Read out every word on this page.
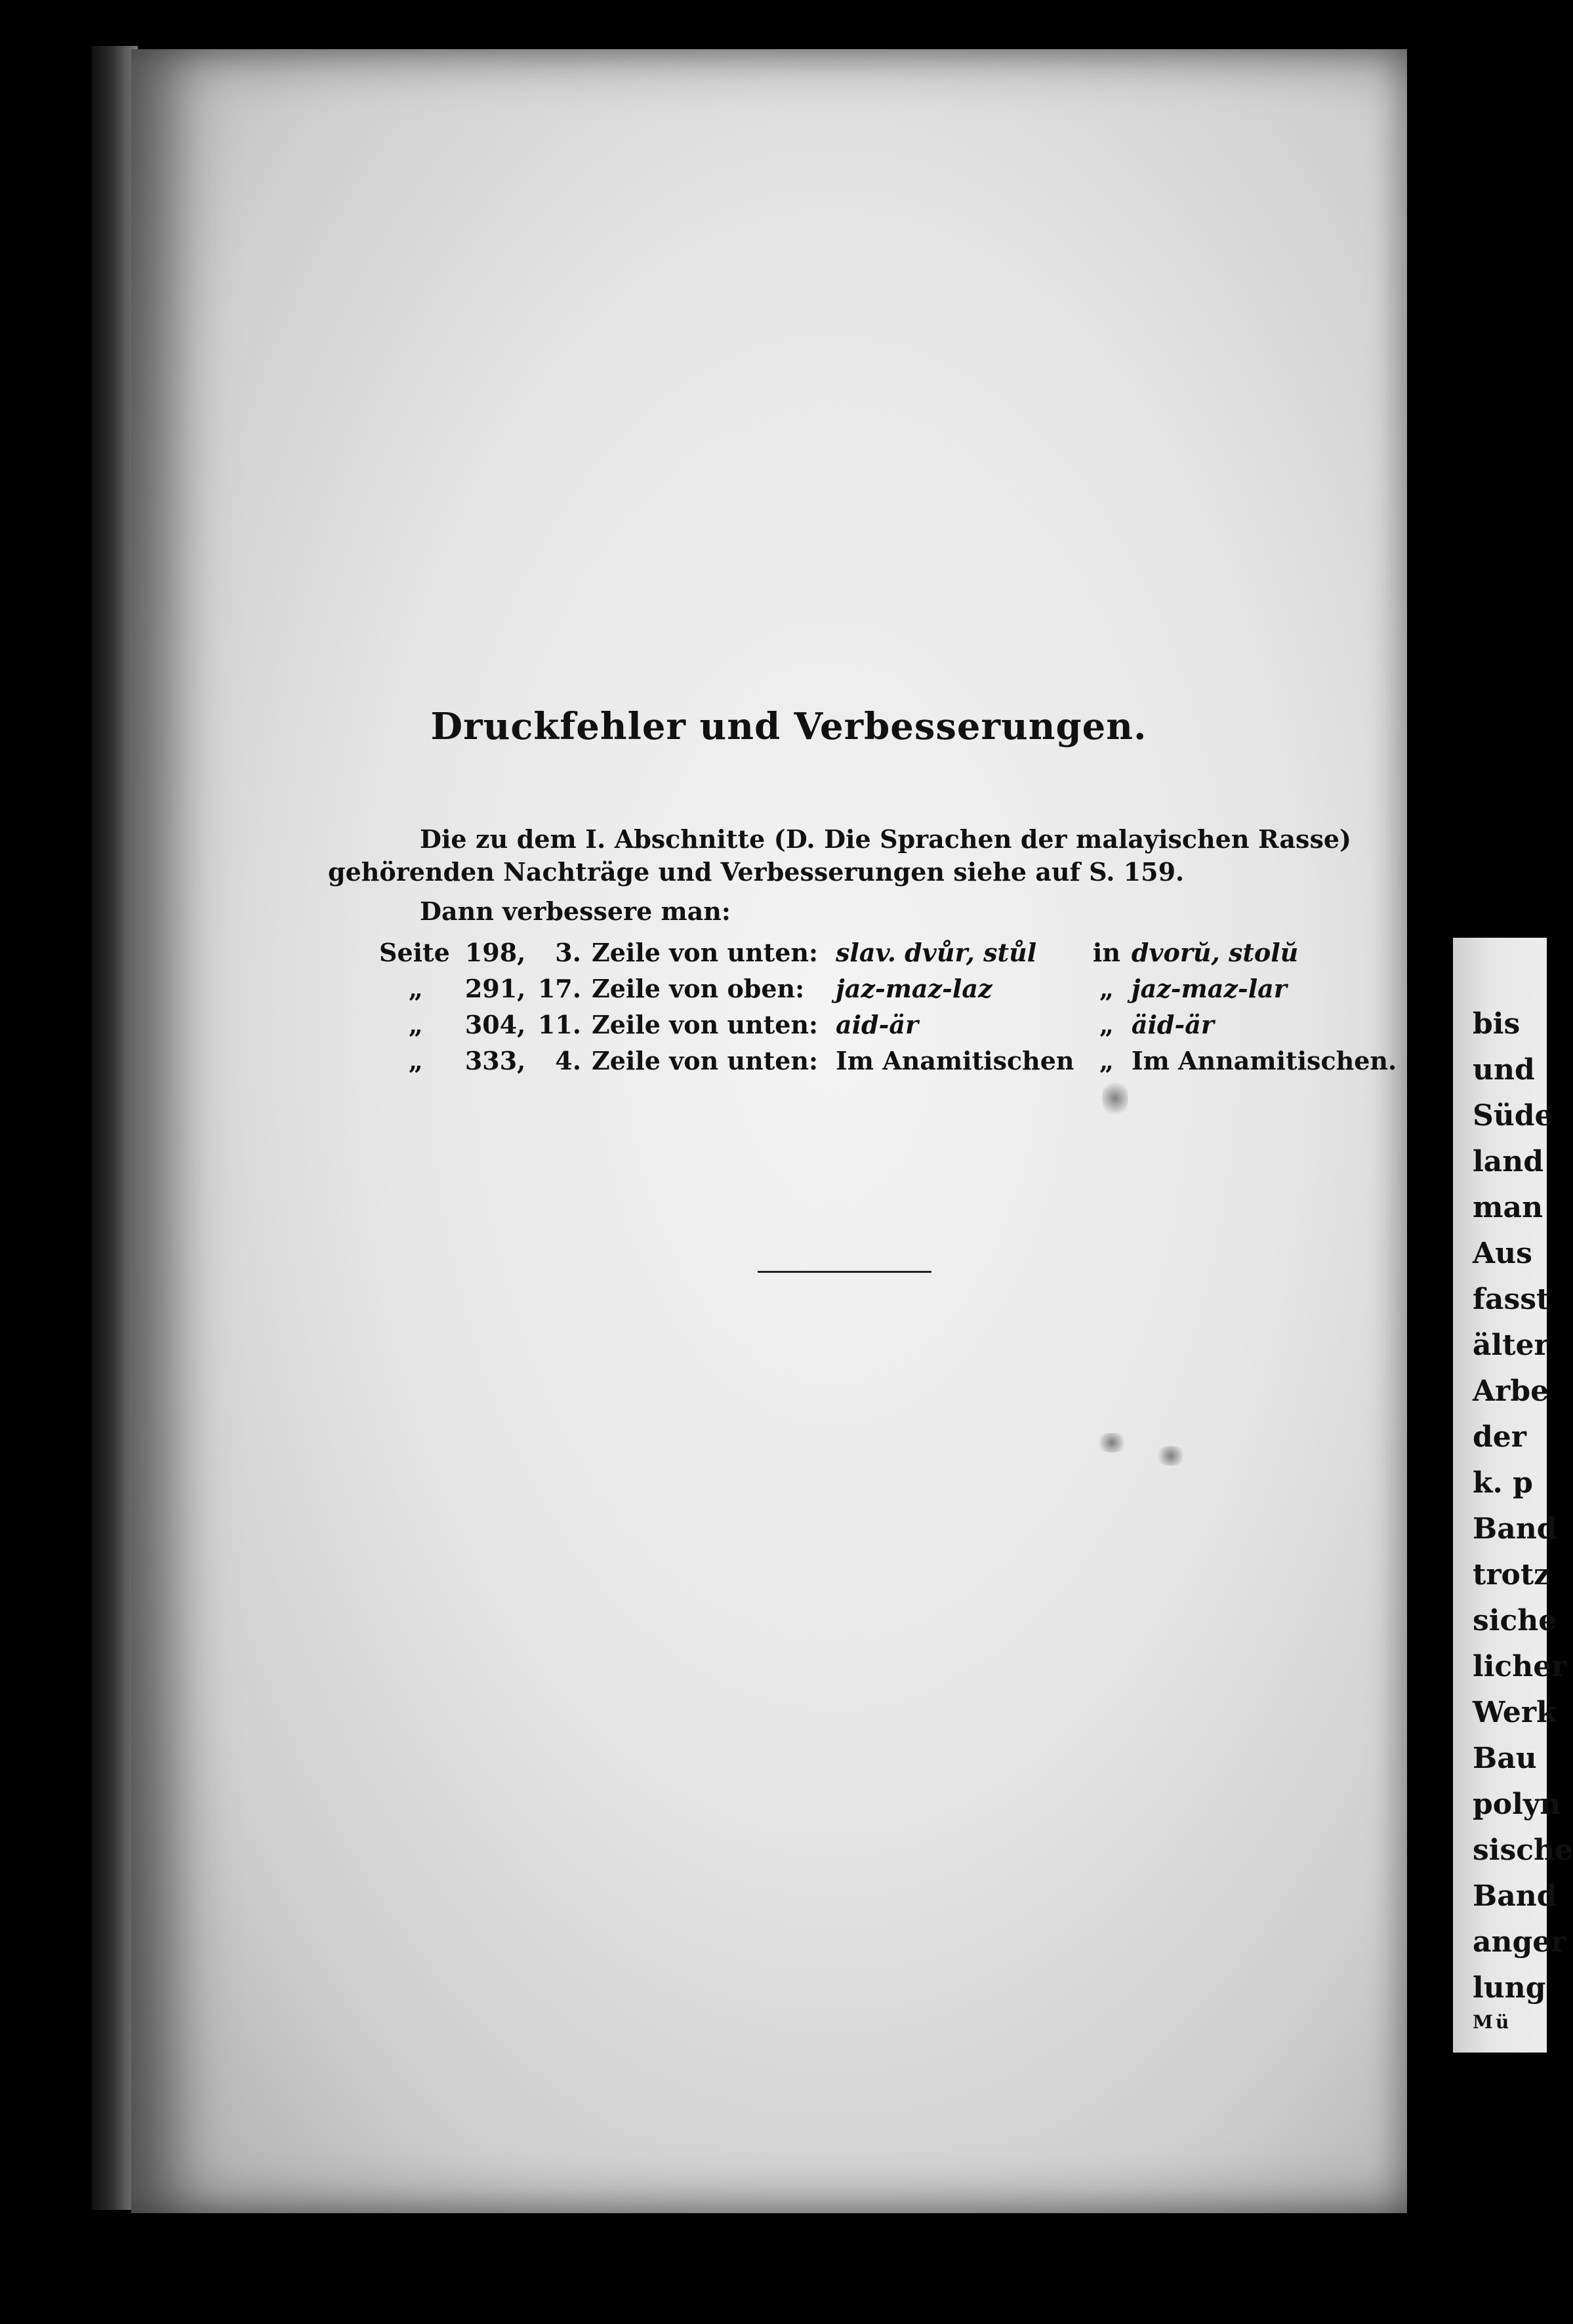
Druckfehler und Verbesserungen.
Die zu dem I. Abschnitte (D. Die Sprachen der malayischen Rasse) gehörenden Nachträge und Verbesserungen siehe auf S. 159.
Dann verbessere man:
Seite	198,	3.	Zeile von unten:	slav. dvůr, stůl	in	dvorŭ, stolŭ
„	291,	17.	Zeile von oben:	jaz-maz-laz	„	jaz-maz-lar
„	304,	11.	Zeile von unten:	aid-är	„	äid-är
„	333,	4.	Zeile von unten:	Im Anamitischen	„	Im Annamitischen.
bis
und
Süde
land
man
Aus
fasst
älter
Arbe
der
k. p
Band
trotz
siche
licher
Werk
Bau
polyn
sische
Band
anger
lung
Mü
